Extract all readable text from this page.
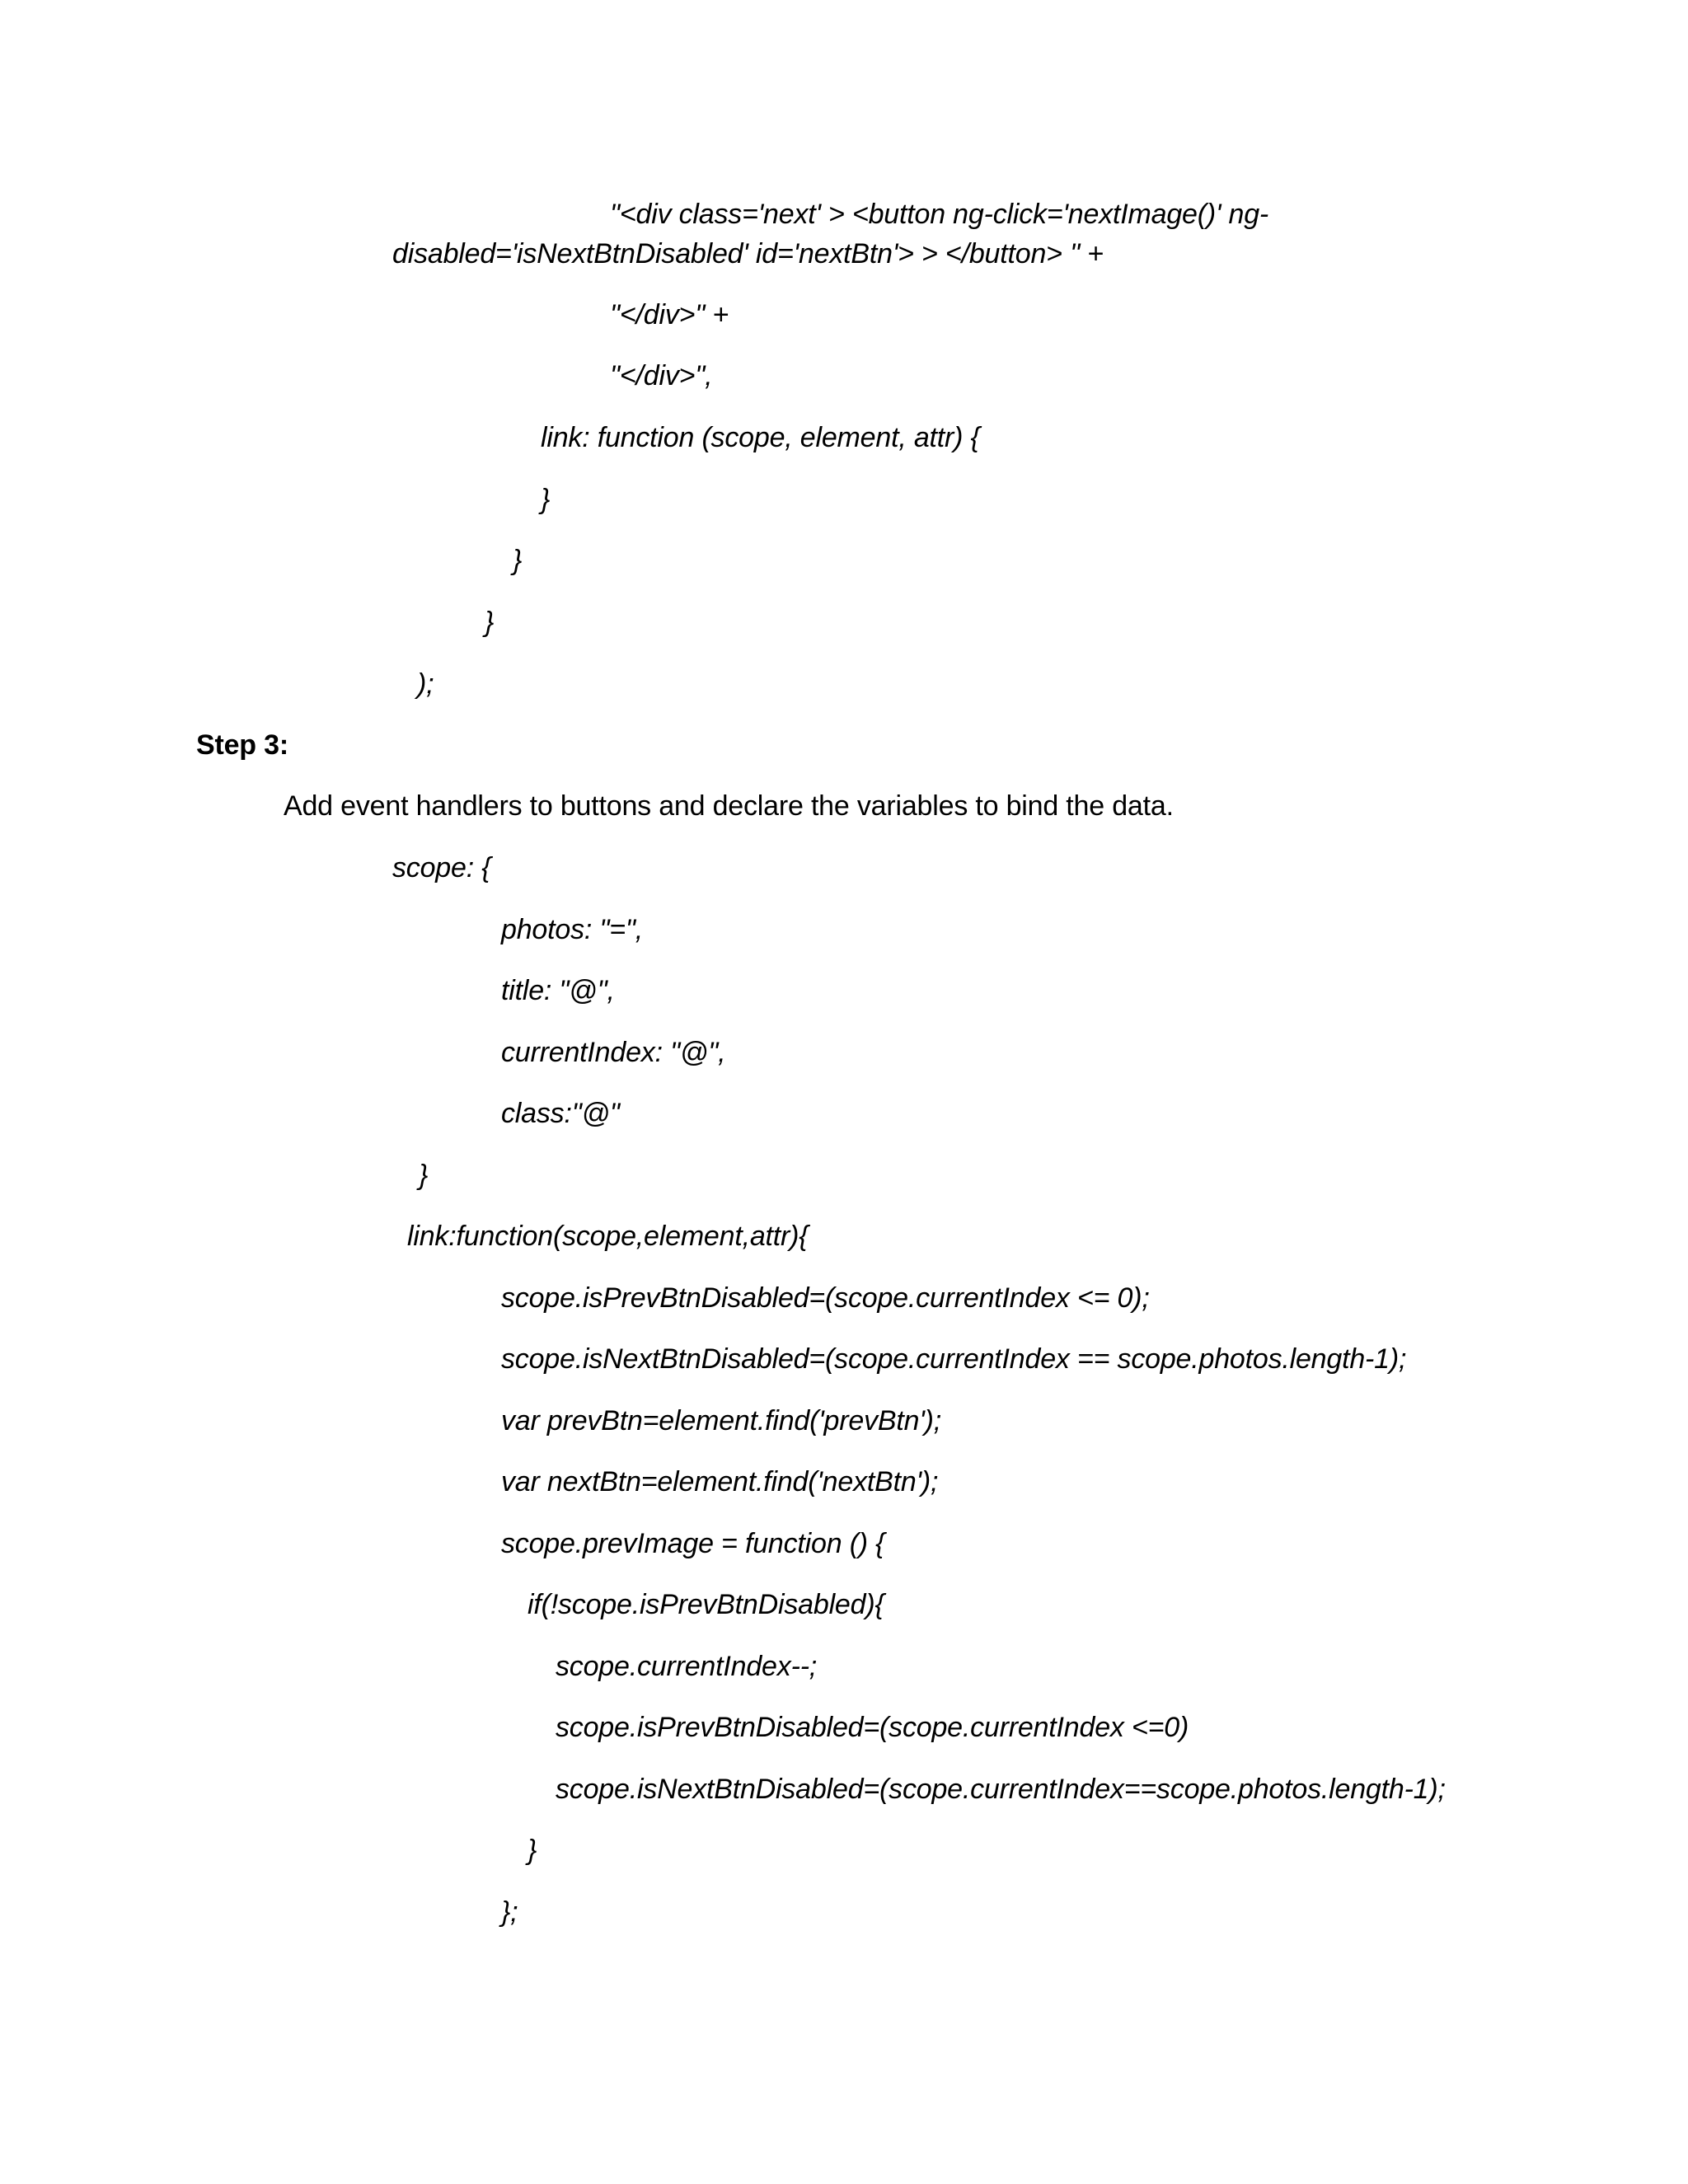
"<div class='next' > <button ng-click='nextImage()' ng-
disabled='isNextBtnDisabled' id='nextBtn'> > </button> " +
"</div>" +
"</div>",
link: function (scope, element, attr) {
}
}
}
);
Step 3:
Add event handlers to buttons and declare the variables to bind the data.
scope: {
photos: "=",
title: "@",
currentIndex: "@",
class:"@"
}
link:function(scope,element,attr){
scope.isPrevBtnDisabled=(scope.currentIndex <= 0);
scope.isNextBtnDisabled=(scope.currentIndex == scope.photos.length-1);
var prevBtn=element.find('prevBtn');
var nextBtn=element.find('nextBtn');
scope.prevImage = function () {
if(!scope.isPrevBtnDisabled){
scope.currentIndex--;
scope.isPrevBtnDisabled=(scope.currentIndex <=0)
scope.isNextBtnDisabled=(scope.currentIndex==scope.photos.length-1);
}
};
